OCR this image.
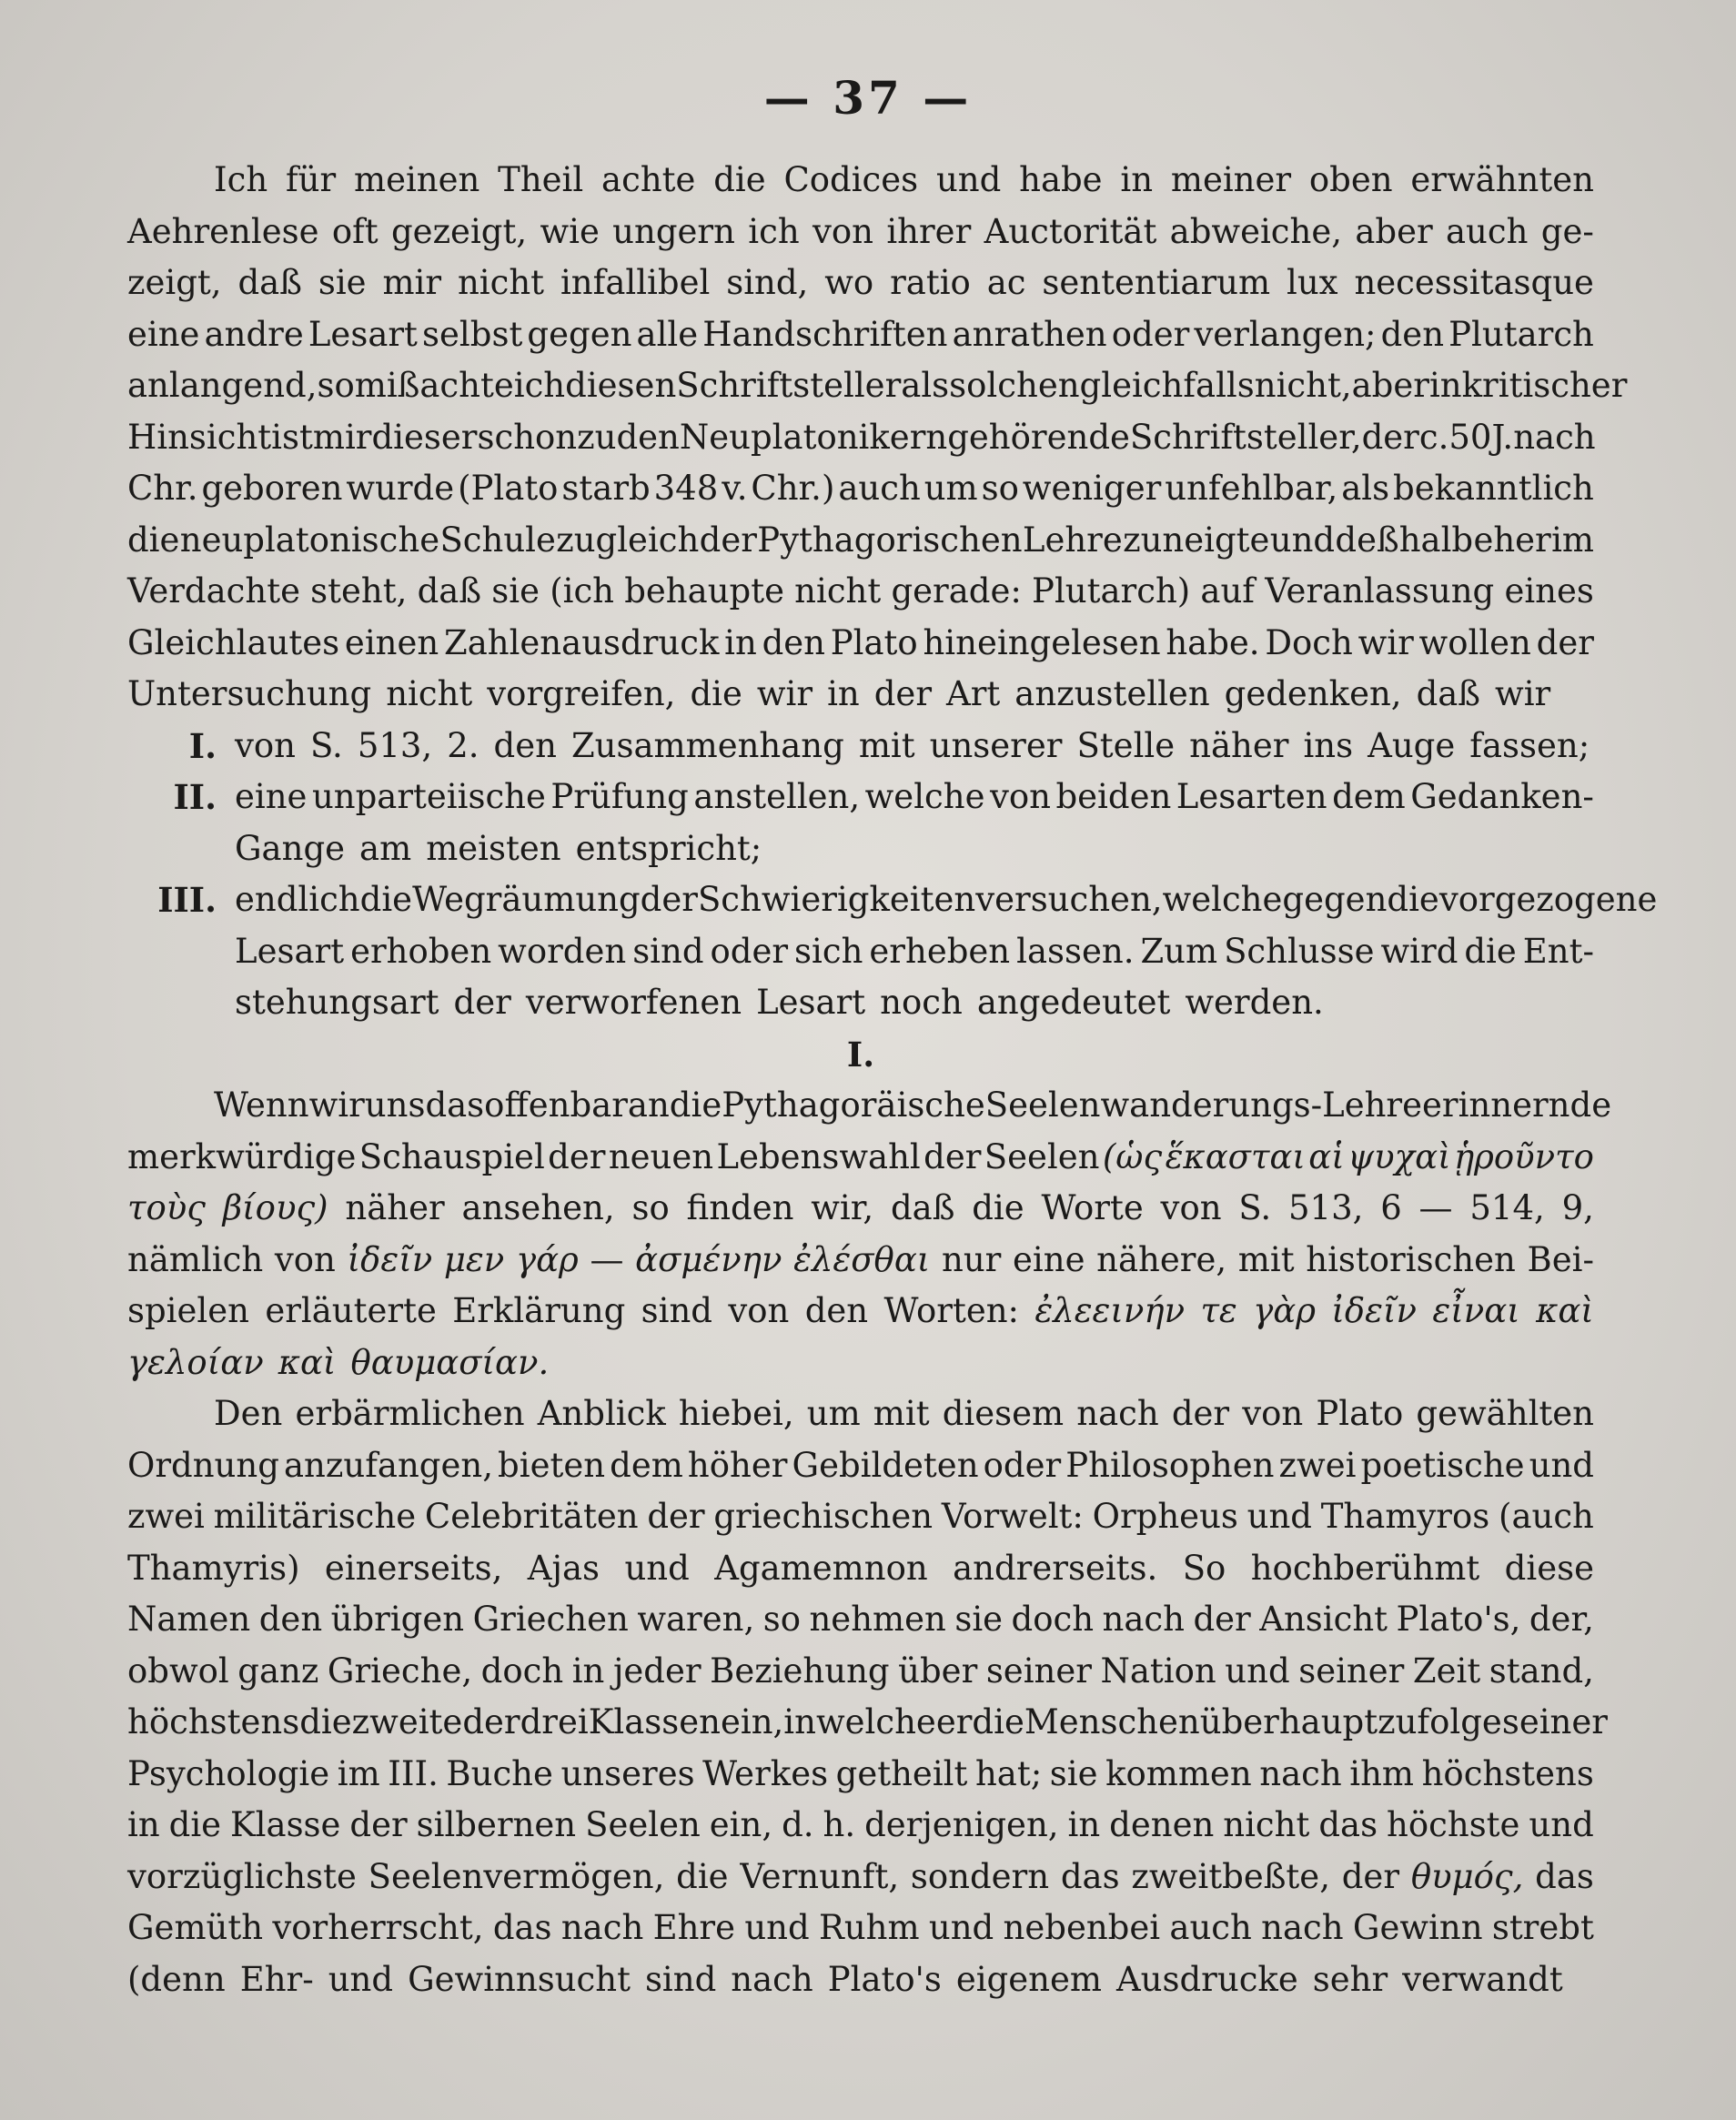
— 37 —
Ich für meinen Theil achte die Codices und habe in meiner oben erwähnten
Aehrenlese oft gezeigt, wie ungern ich von ihrer Auctorität abweiche, aber auch ge-
zeigt, daß sie mir nicht infallibel sind, wo ratio ac sententiarum lux necessitasque
eine andre Lesart selbst gegen alle Handschriften anrathen oder verlangen; den Plutarch
anlangend, so mißachte ich diesen Schriftsteller als solchen gleichfalls nicht, aber in kritischer
Hinsicht ist mir dieser schon zu den Neuplatonikern gehörende Schriftsteller, der c. 50 J. nach
Chr. geboren wurde (Plato starb 348 v. Chr.) auch um so weniger unfehlbar, als bekanntlich
die neuplatonische Schule zugleich der Pythagorischen Lehre zuneigte und deßhalb eher im
Verdachte steht, daß sie (ich behaupte nicht gerade: Plutarch) auf Veranlassung eines
Gleichlautes einen Zahlenausdruck in den Plato hineingelesen habe. Doch wir wollen der
Untersuchung nicht vorgreifen, die wir in der Art anzustellen gedenken, daß wir
I. von S. 513, 2. den Zusammenhang mit unserer Stelle näher ins Auge fassen;
II. eine unparteiische Prüfung anstellen, welche von beiden Lesarten dem Gedanken-
Gange am meisten entspricht;
III. endlich die Wegräumung der Schwierigkeiten versuchen, welche gegen die vorgezogene
Lesart erhoben worden sind oder sich erheben lassen. Zum Schlusse wird die Ent-
stehungsart der verworfenen Lesart noch angedeutet werden.
I.
Wenn wir uns das offenbar an die Pythagoräische Seelenwanderungs-Lehre erinnernde
merkwürdige Schauspiel der neuen Lebenswahl der Seelen (ὡς ἕκασται αἱ ψυχαὶ ᾑροῦντο
τοὺς βίους) näher ansehen, so finden wir, daß die Worte von S. 513, 6 — 514, 9,
nämlich von ἰδεῖν μεν γάρ — ἀσμένην ἐλέσθαι nur eine nähere, mit historischen Bei-
spielen erläuterte Erklärung sind von den Worten: ἐλεεινήν τε γὰρ ἰδεῖν εἶναι καὶ
γελοίαν καὶ θαυμασίαν.
Den erbärmlichen Anblick hiebei, um mit diesem nach der von Plato gewählten
Ordnung anzufangen, bieten dem höher Gebildeten oder Philosophen zwei poetische und
zwei militärische Celebritäten der griechischen Vorwelt: Orpheus und Thamyros (auch
Thamyris) einerseits, Ajas und Agamemnon andrerseits. So hochberühmt diese
Namen den übrigen Griechen waren, so nehmen sie doch nach der Ansicht Plato's, der,
obwol ganz Grieche, doch in jeder Beziehung über seiner Nation und seiner Zeit stand,
höchstens die zweite der drei Klassen ein, in welche er die Menschen überhaupt zufolge seiner
Psychologie im III. Buche unseres Werkes getheilt hat; sie kommen nach ihm höchstens
in die Klasse der silbernen Seelen ein, d. h. derjenigen, in denen nicht das höchste und
vorzüglichste Seelenvermögen, die Vernunft, sondern das zweitbeßte, der θυμός, das
Gemüth vorherrscht, das nach Ehre und Ruhm und nebenbei auch nach Gewinn strebt
(denn Ehr- und Gewinnsucht sind nach Plato's eigenem Ausdrucke sehr verwandt
